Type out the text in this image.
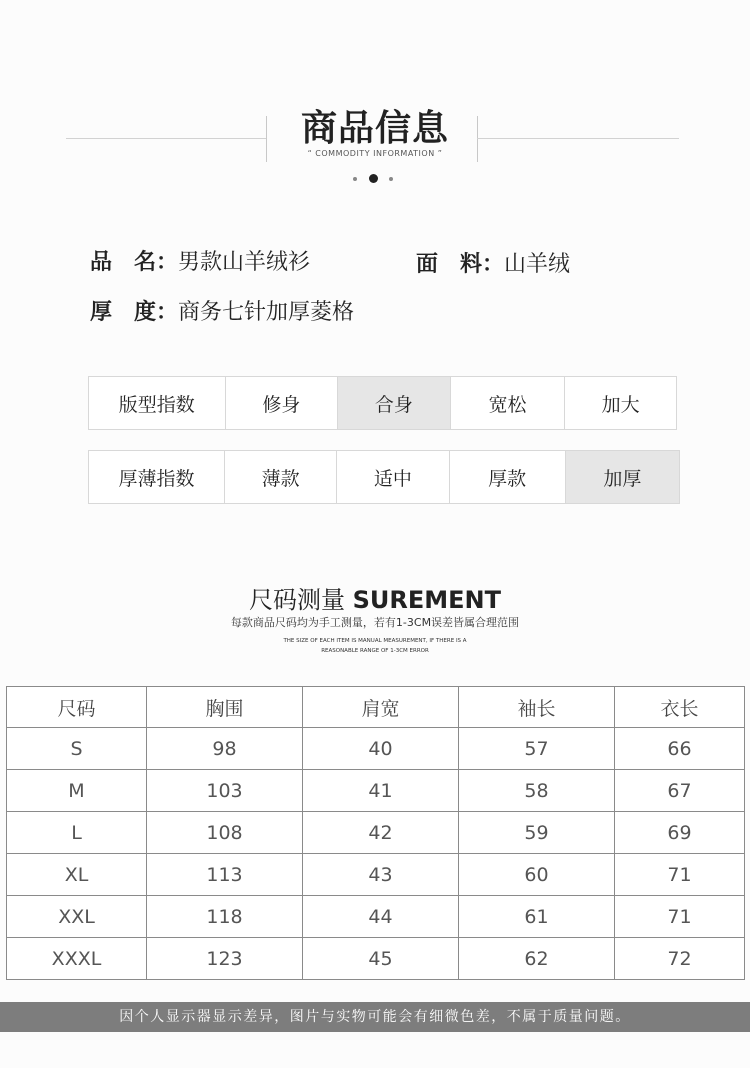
商品信息
“ COMMODITY INFORMATION ”
品　名：男款山羊绒衫	面　料：山羊绒
厚　度：商务七针加厚菱格
版型指数	修身	合身	宽松	加大
厚薄指数	薄款	适中	厚款	加厚
尺码测量 SUREMENT
每款商品尺码均为手工测量，若有1-3CM误差皆属合理范围
THE SIZE OF EACH ITEM IS MANUAL MEASUREMENT, IF THERE IS A
REASONABLE RANGE OF 1-3CM ERROR
尺码	胸围	肩宽	袖长	衣长
S	98	40	57	66
M	103	41	58	67
L	108	42	59	69
XL	113	43	60	71
XXL	118	44	61	71
XXXL	123	45	62	72
因个人显示器显示差异，图片与实物可能会有细微色差，不属于质量问题。
